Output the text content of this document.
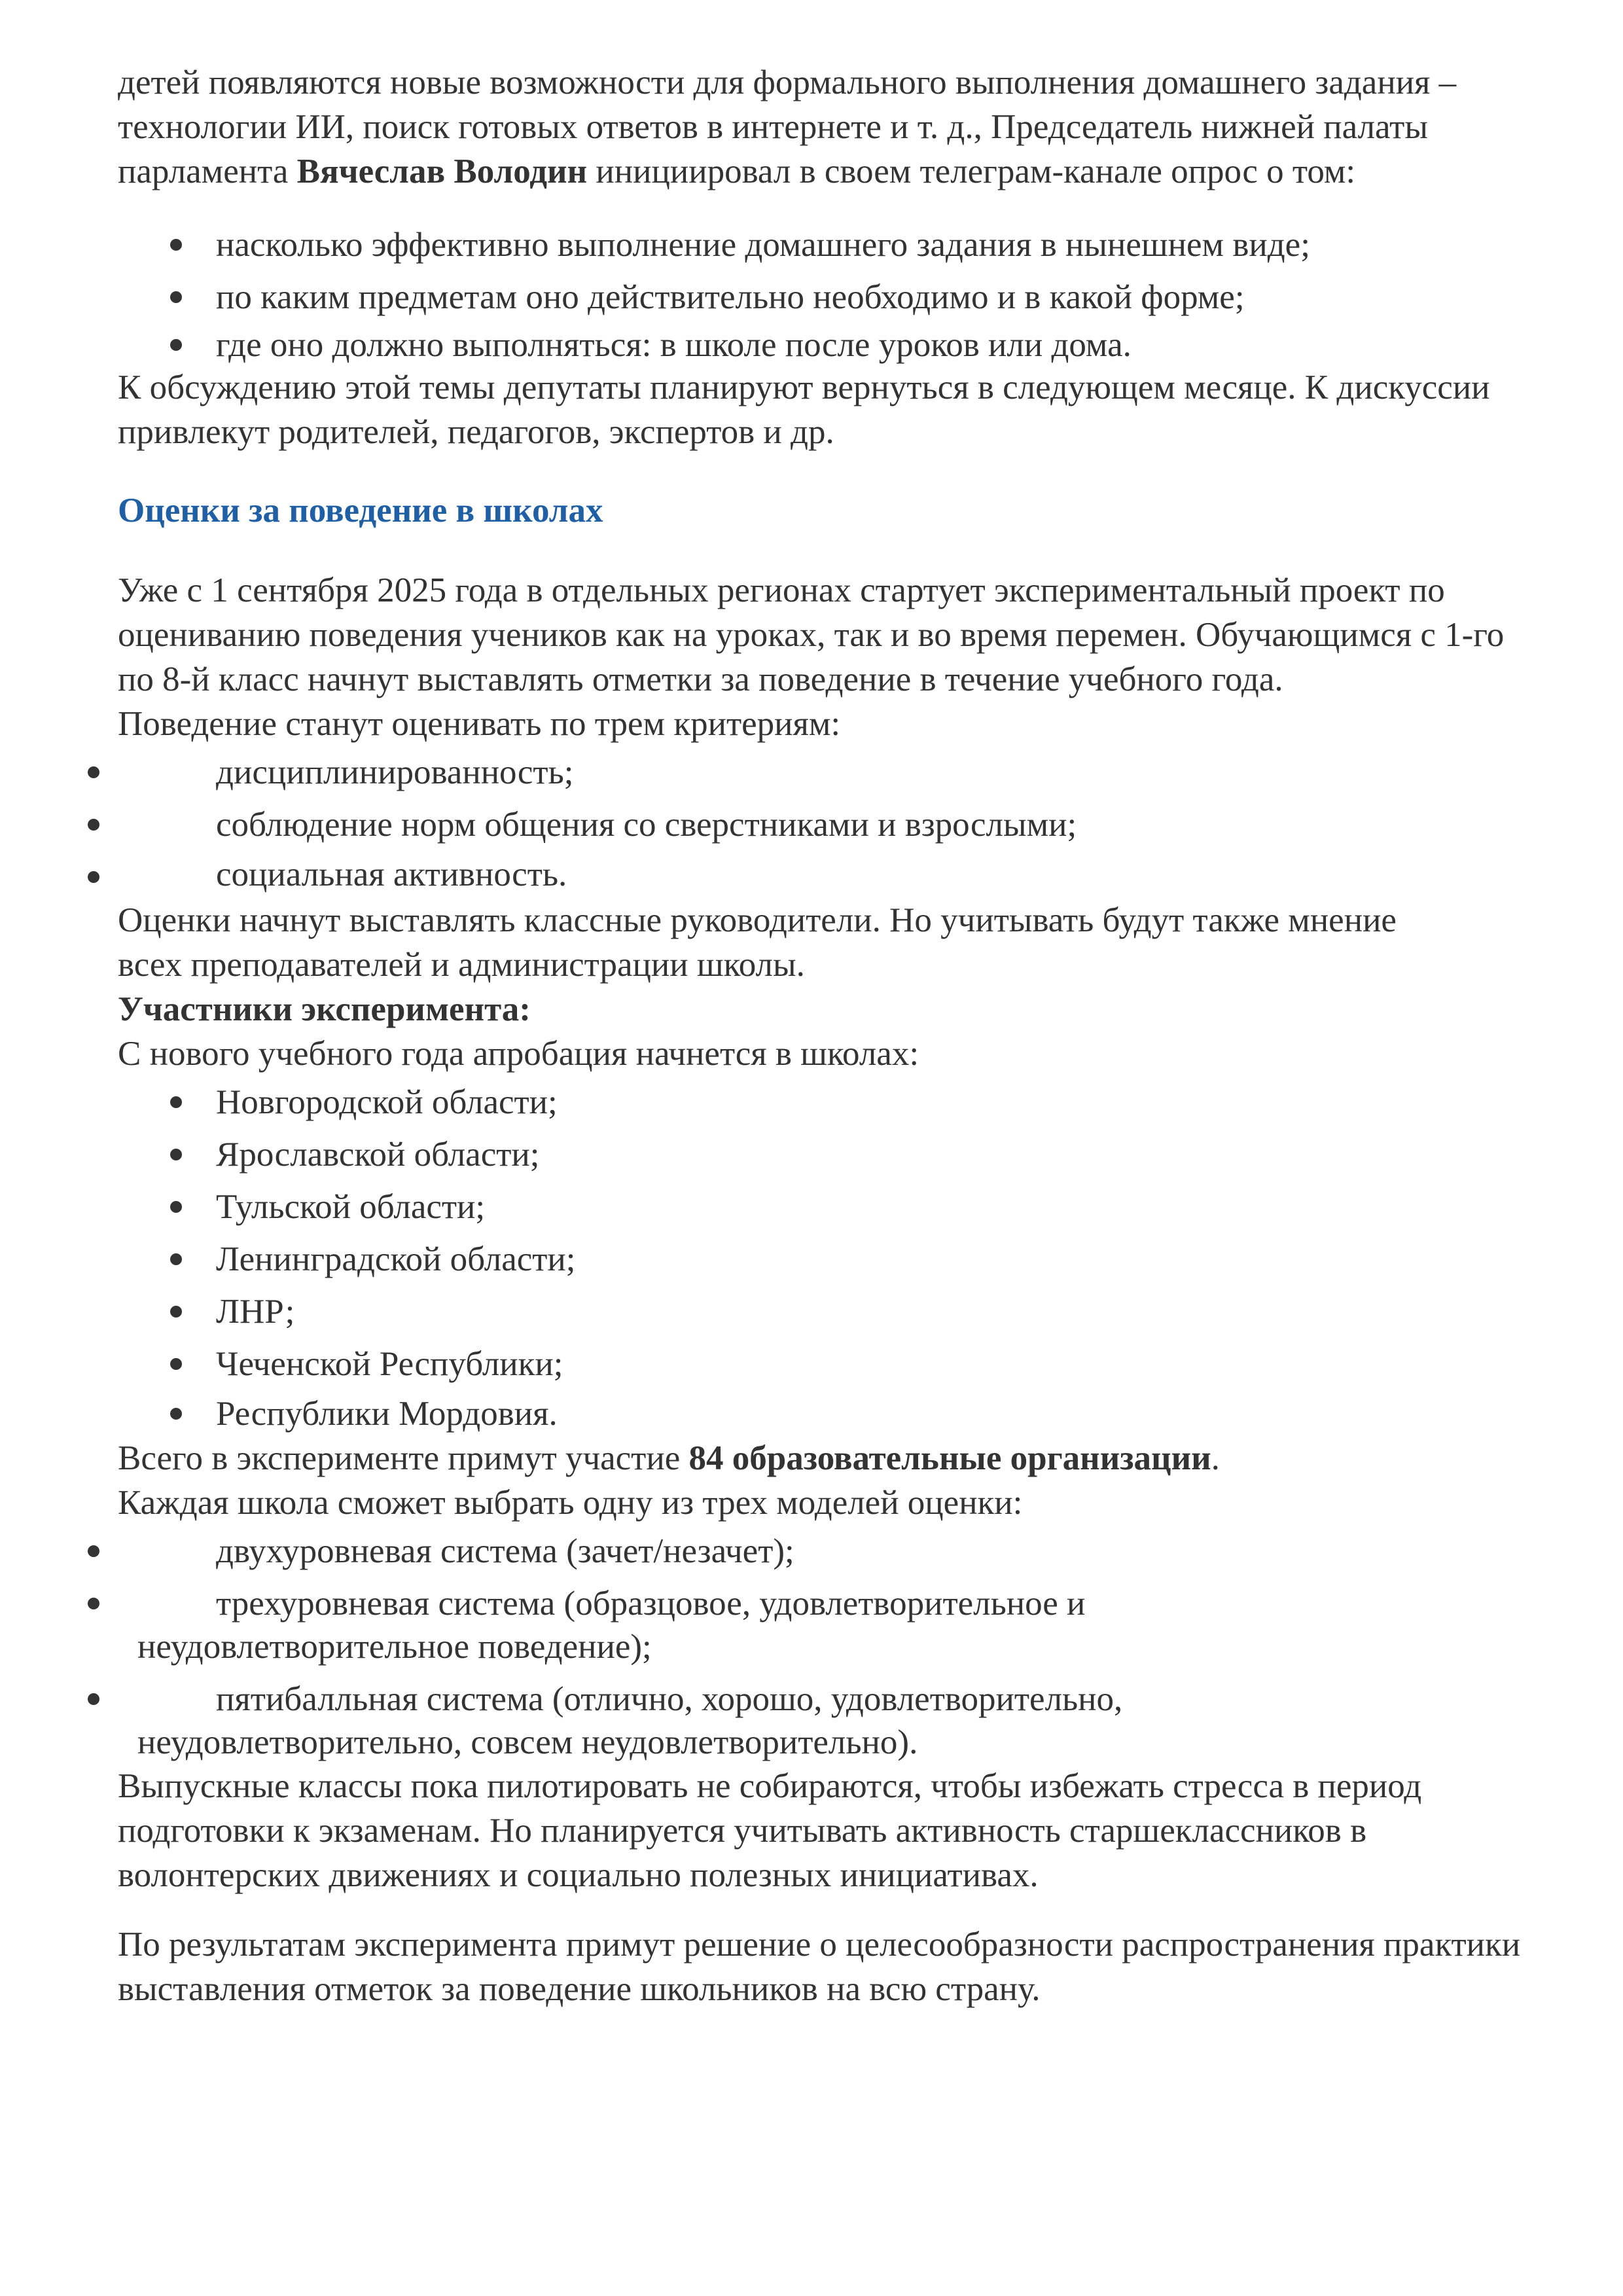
детей появляются новые возможности для формального выполнения домашнего задания – технологии ИИ, поиск готовых ответов в интернете и т. д., Председатель нижней палаты парламента Вячеслав Володин инициировал в своем телеграм-канале опрос о том:

насколько эффективно выполнение домашнего задания в нынешнем виде;
по каким предметам оно действительно необходимо и в какой форме;
где оно должно выполняться: в школе после уроков или дома.

К обсуждению этой темы депутаты планируют вернуться в следующем месяце. К дискуссии привлекут родителей, педагогов, экспертов и др.

Оценки за поведение в школах

Уже с 1 сентября 2025 года в отдельных регионах стартует экспериментальный проект по оцениванию поведения учеников как на уроках, так и во время перемен. Обучающимся с 1-го по 8-й класс начнут выставлять отметки за поведение в течение учебного года.

Поведение станут оценивать по трем критериям:

дисциплинированность;
соблюдение норм общения со сверстниками и взрослыми;
социальная активность.

Оценки начнут выставлять классные руководители. Но учитывать будут также мнение всех преподавателей и администрации школы.

Участники эксперимента:

С нового учебного года апробация начнется в школах:

Новгородской области;
Ярославской области;
Тульской области;
Ленинградской области;
ЛНР;
Чеченской Республики;
Республики Мордовия.

Всего в эксперименте примут участие 84 образовательные организации.

Каждая школа сможет выбрать одну из трех моделей оценки:

двухуровневая система (зачет/незачет);
трехуровневая система (образцовое, удовлетворительное и
неудовлетворительное поведение);
пятибалльная система (отлично, хорошо, удовлетворительно,
неудовлетворительно, совсем неудовлетворительно).

Выпускные классы пока пилотировать не собираются, чтобы избежать стресса в период подготовки к экзаменам. Но планируется учитывать активность старшеклассников в волонтерских движениях и социально полезных инициативах.

По результатам эксперимента примут решение о целесообразности распространения практики выставления отметок за поведение школьников на всю страну.
